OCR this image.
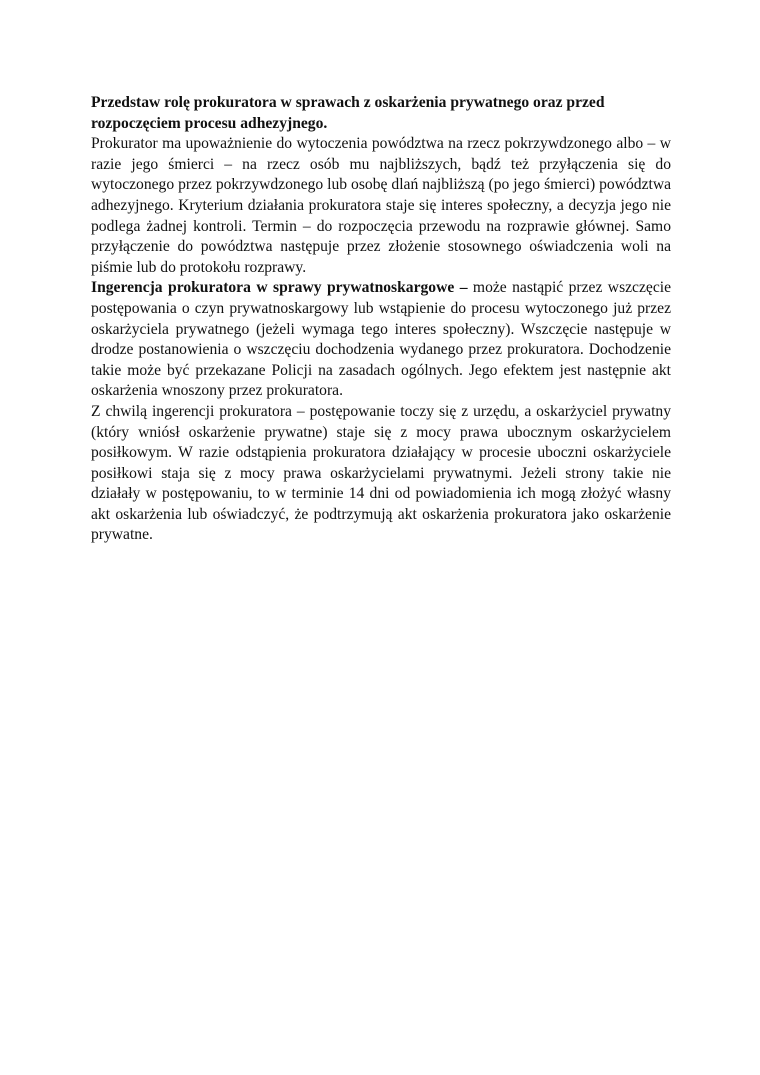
Przedstaw rolę prokuratora w sprawach z oskarżenia prywatnego oraz przed rozpoczęciem procesu adhezyjnego.

Prokurator ma upoważnienie do wytoczenia powództwa na rzecz pokrzywdzonego albo – w razie jego śmierci – na rzecz osób mu najbliższych, bądź też przyłączenia się do wytoczonego przez pokrzywdzonego lub osobę dlań najbliższą (po jego śmierci) powództwa adhezyjnego. Kryterium działania prokuratora staje się interes społeczny, a decyzja jego nie podlega żadnej kontroli. Termin – do rozpoczęcia przewodu na rozprawie głównej. Samo przyłączenie do powództwa następuje przez złożenie stosownego oświadczenia woli na piśmie lub do protokołu rozprawy.

Ingerencja prokuratora w sprawy prywatnoskargowe – może nastąpić przez wszczęcie postępowania o czyn prywatnoskargowy lub wstąpienie do procesu wytoczonego już przez oskarżyciela prywatnego (jeżeli wymaga tego interes społeczny). Wszczęcie następuje w drodze postanowienia o wszczęciu dochodzenia wydanego przez prokuratora. Dochodzenie takie może być przekazane Policji na zasadach ogólnych. Jego efektem jest następnie akt oskarżenia wnoszony przez prokuratora.

Z chwilą ingerencji prokuratora – postępowanie toczy się z urzędu, a oskarżyciel prywatny (który wniósł oskarżenie prywatne) staje się z mocy prawa ubocznym oskarżycielem posiłkowym. W razie odstąpienia prokuratora działający w procesie uboczni oskarżyciele posiłkowi staja się z mocy prawa oskarżycielami prywatnymi. Jeżeli strony takie nie działały w postępowaniu, to w terminie 14 dni od powiadomienia ich mogą złożyć własny akt oskarżenia lub oświadczyć, że podtrzymują akt oskarżenia prokuratora jako oskarżenie prywatne.
